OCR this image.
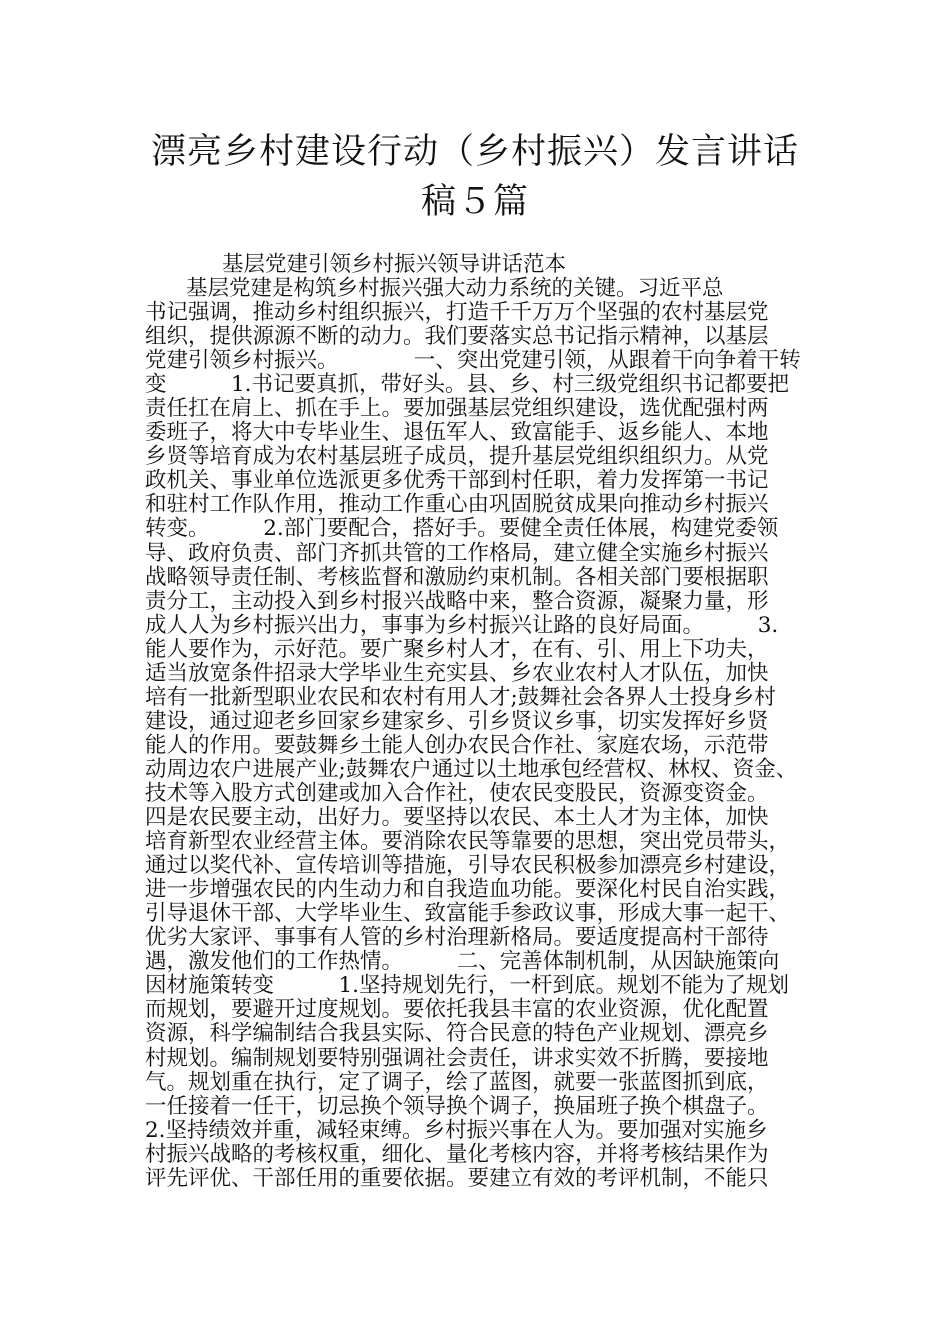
漂亮乡村建设行动（乡村振兴）发言讲话
稿５篇
基层党建引领乡村振兴领导讲话范本
基层党建是构筑乡村振兴强大动力系统的关键。习近平总
书记强调，推动乡村组织振兴，打造千千万万个坚强的农村基层党
组织，提供源源不断的动力。我们要落实总书记指示精神，以基层
党建引领乡村振兴。　　　　一、突出党建引领，从跟着干向争着干转
变　　　1.书记要真抓，带好头。县、乡、村三级党组织书记都要把
责任扛在肩上、抓在手上。要加强基层党组织建设，选优配强村两
委班子，将大中专毕业生、退伍军人、致富能手、返乡能人、本地
乡贤等培育成为农村基层班子成员，提升基层党组织组织力。从党
政机关、事业单位选派更多优秀干部到村任职，着力发挥第一书记
和驻村工作队作用，推动工作重心由巩固脱贫成果向推动乡村振兴
转变。　　　2.部门要配合，搭好手。要健全责任体展，构建党委领
导、政府负责、部门齐抓共管的工作格局，建立健全实施乡村振兴
战略领导责任制、考核监督和激励约束机制。各相关部门要根据职
责分工，主动投入到乡村报兴战略中来，整合资源，凝聚力量，形
成人人为乡村振兴出力，事事为乡村振兴让路的良好局面。　　　3.
能人要作为，示好范。要广聚乡村人才，在有、引、用上下功夫，
适当放宽条件招录大学毕业生充实县、乡农业农村人才队伍，加快
培有一批新型职业农民和农村有用人才;鼓舞社会各界人士投身乡村
建设，通过迎老乡回家乡建家乡、引乡贤议乡事，切实发挥好乡贤
能人的作用。要鼓舞乡土能人创办农民合作社、家庭农场，示范带
动周边农户进展产业;鼓舞农户通过以土地承包经营权、林权、资金、
技术等入股方式创建或加入合作社，使农民变股民，资源变资金。
四是农民要主动，出好力。要坚持以农民、本土人才为主体，加快
培育新型农业经营主体。要消除农民等靠要的思想，突出党员带头，
通过以奖代补、宣传培训等措施，引导农民积极参加漂亮乡村建设，
进一步增强农民的内生动力和自我造血功能。要深化村民自治实践，
引导退休干部、大学毕业生、致富能手参政议事，形成大事一起干、
优劣大家评、事事有人管的乡村治理新格局。要适度提高村干部待
遇，激发他们的工作热情。　　　二、完善体制机制，从因缺施策向
因材施策转变　　　1.坚持规划先行，一杆到底。规划不能为了规划
而规划，要避开过度规划。要依托我县丰富的农业资源，优化配置
资源，科学编制结合我县实际、符合民意的特色产业规划、漂亮乡
村规划。编制规划要特别强调社会责任，讲求实效不折腾，要接地
气。规划重在执行，定了调子，绘了蓝图，就要一张蓝图抓到底，
一任接着一任干，切忌换个领导换个调子，换届班子换个棋盘子。
2.坚持绩效并重，减轻束缚。乡村振兴事在人为。要加强对实施乡
村振兴战略的考核权重，细化、量化考核内容，并将考核结果作为
评先评优、干部任用的重要依据。要建立有效的考评机制，不能只
